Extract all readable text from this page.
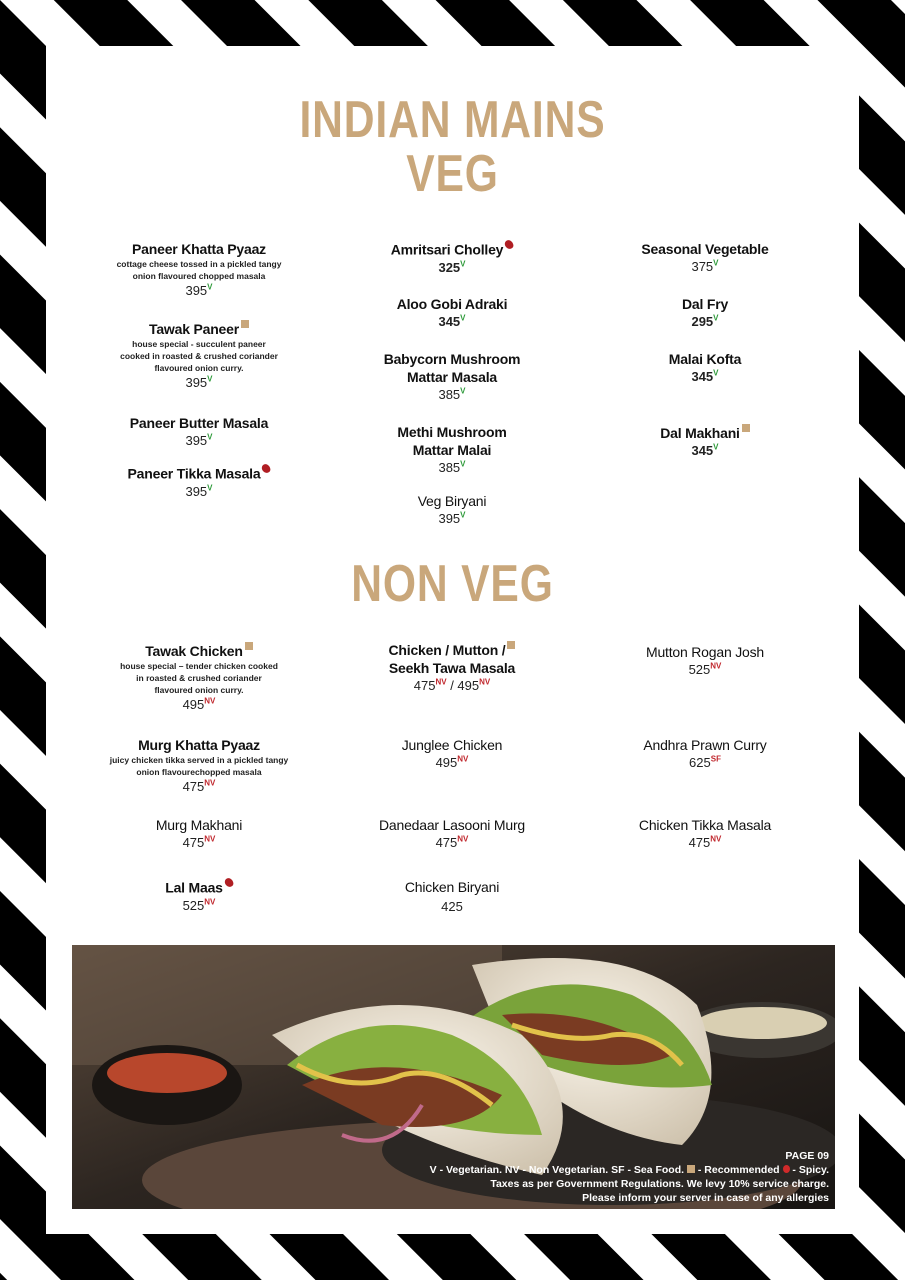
INDIAN MAINS
VEG
Paneer Khatta Pyaaz
cottage cheese tossed in a pickled tangy onion flavoured chopped masala
$395^V$
Tawak Paneer
house special - succulent paneer cooked in roasted & crushed coriander flavoured onion curry.
$395^V$
Paneer Butter Masala
$395^V$
Paneer Tikka Masala
$395^V$
Amritsari Cholley
$325^V$
Aloo Gobi Adraki
$345^V$
Babycorn Mushroom
Mattar Masala
$385^V$
Methi Mushroom
Mattar Malai
$385^V$
Veg Biryani
$395^V$
Seasonal Vegetable
$375^V$
Dal Fry
$295^V$
Malai Kofta
$345^V$
Dal Makhani
$345^V$
NON VEG
Tawak Chicken
house special – tender chicken cooked in roasted & crushed coriander flavoured onion curry.
$495^{NV}$
Murg Khatta Pyaaz
juicy chicken tikka served in a pickled tangy onion flavourechopped masala
$475^{NV}$
Murg Makhani
$475^{NV}$
Lal Maas
$525^{NV}$
Chicken / Mutton /
Seekh Tawa Masala
$475^{NV} / 495^{NV}$
Junglee Chicken
$495^{NV}$
Danedaar Lasooni Murg
$475^{NV}$
Chicken Biryani
425
Mutton Rogan Josh
$525^{NV}$
Andhra Prawn Curry
$625^{SF}$
Chicken Tikka Masala
$475^{NV}$
PAGE 09
V - Vegetarian. NV - Non Vegetarian. SF - Sea Food. - Recommended - Spicy.
Taxes as per Government Regulations. We levy 10% service charge.
Please inform your server in case of any allergies
